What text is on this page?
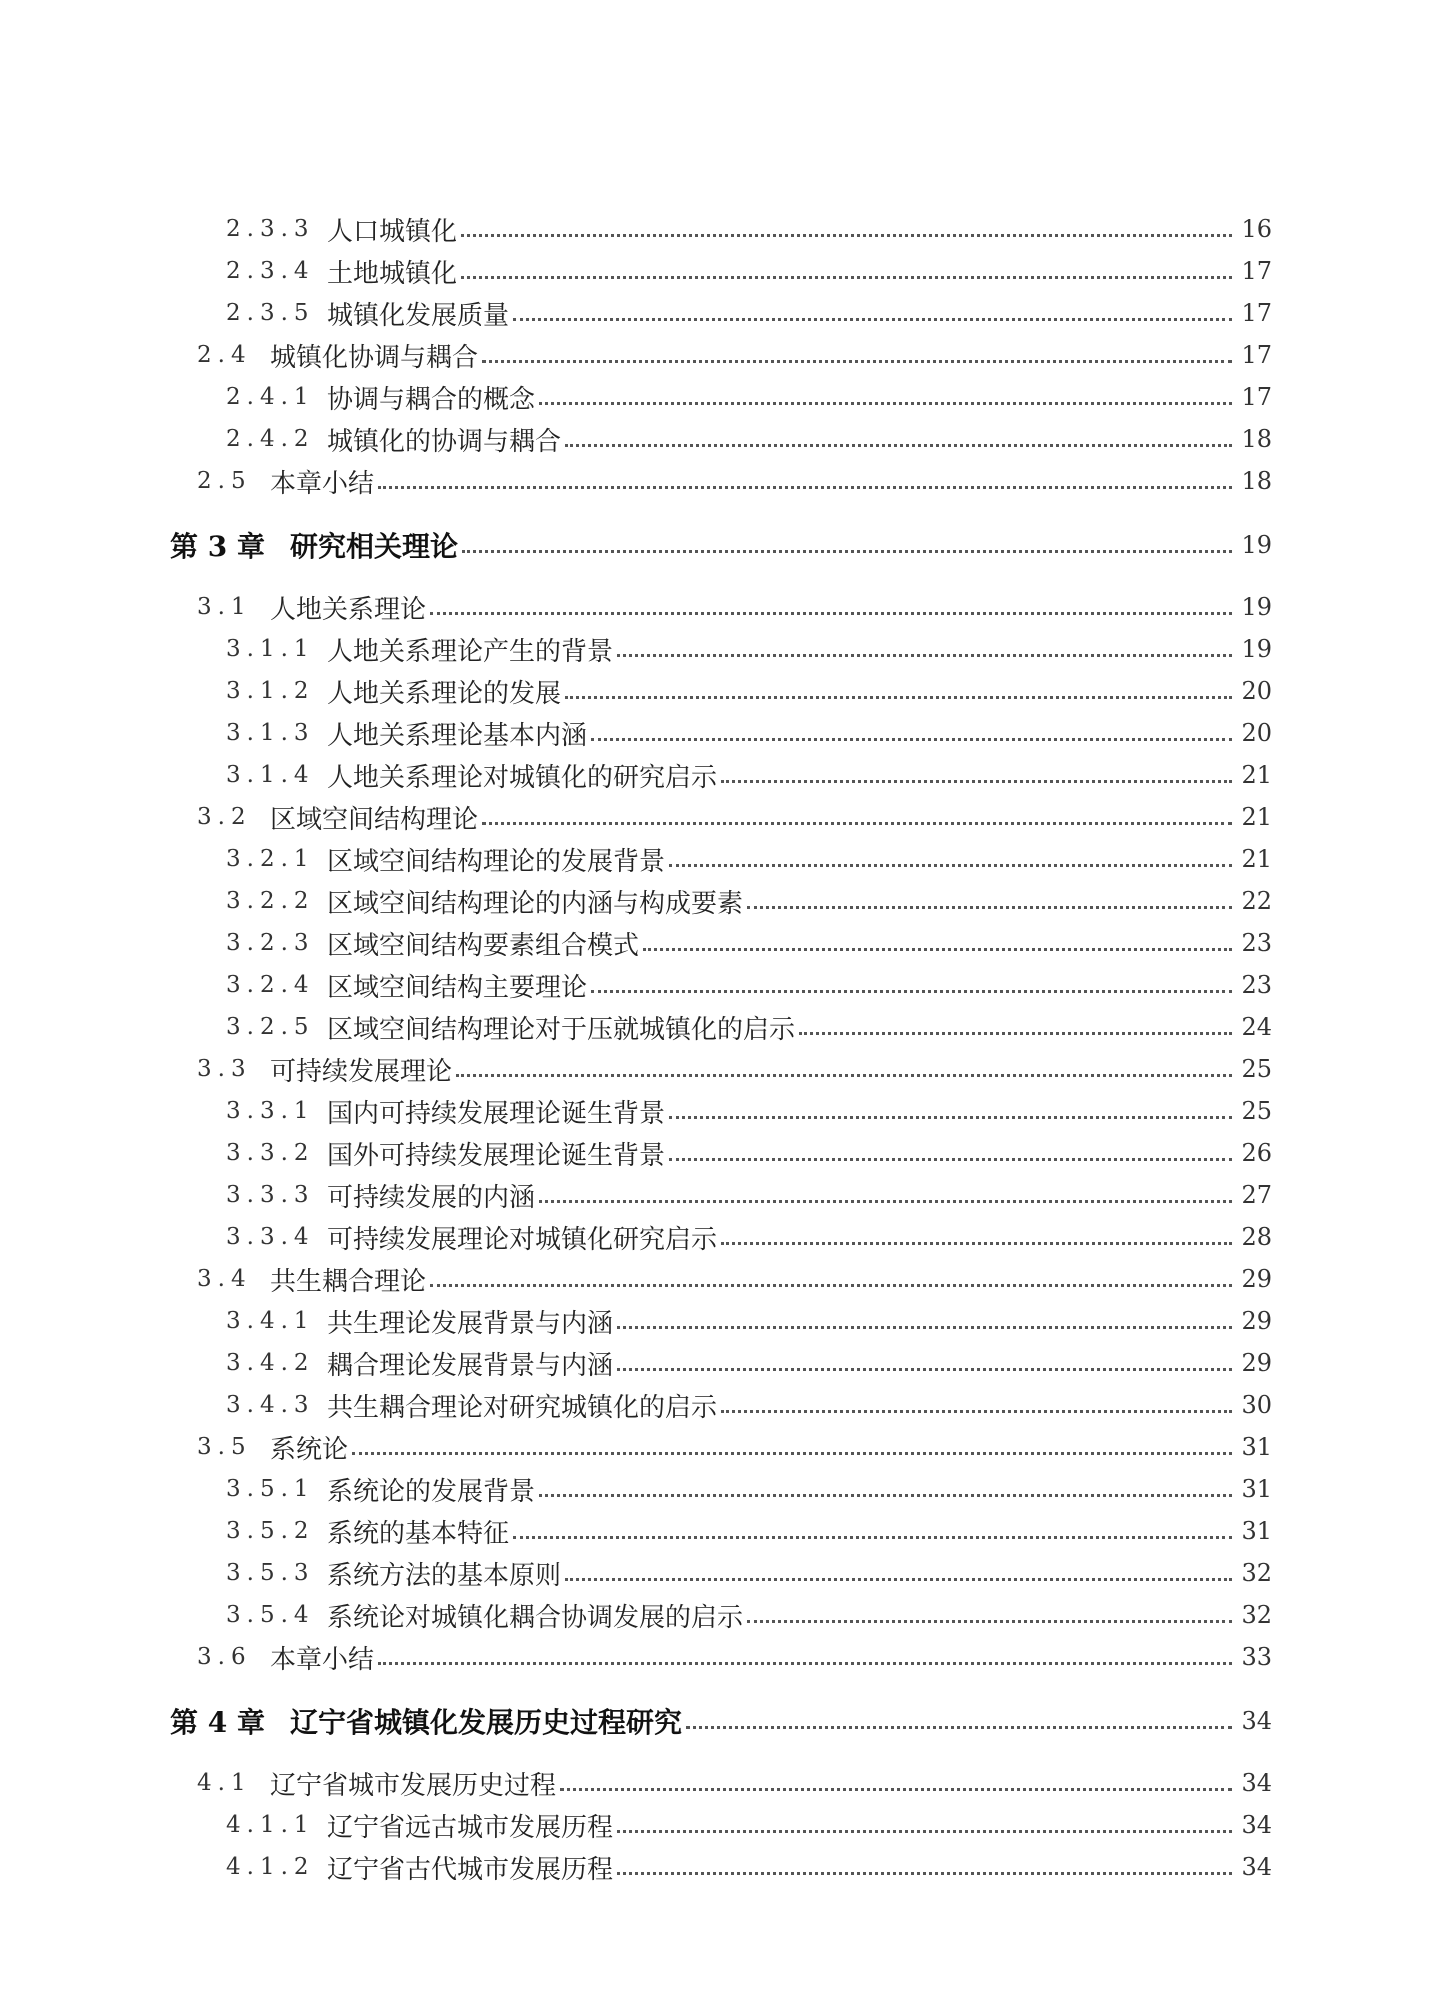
2.3.3 人口城镇化	16
2.3.4 土地城镇化	17
2.3.5 城镇化发展质量	17
2.4 城镇化协调与耦合	17
2.4.1 协调与耦合的概念	17
2.4.2 城镇化的协调与耦合	18
2.5 本章小结	18
第 3 章 研究相关理论	19
3.1 人地关系理论	19
3.1.1 人地关系理论产生的背景	19
3.1.2 人地关系理论的发展	20
3.1.3 人地关系理论基本内涵	20
3.1.4 人地关系理论对城镇化的研究启示	21
3.2 区域空间结构理论	21
3.2.1 区域空间结构理论的发展背景	21
3.2.2 区域空间结构理论的内涵与构成要素	22
3.2.3 区域空间结构要素组合模式	23
3.2.4 区域空间结构主要理论	23
3.2.5 区域空间结构理论对于压就城镇化的启示	24
3.3 可持续发展理论	25
3.3.1 国内可持续发展理论诞生背景	25
3.3.2 国外可持续发展理论诞生背景	26
3.3.3 可持续发展的内涵	27
3.3.4 可持续发展理论对城镇化研究启示	28
3.4 共生耦合理论	29
3.4.1 共生理论发展背景与内涵	29
3.4.2 耦合理论发展背景与内涵	29
3.4.3 共生耦合理论对研究城镇化的启示	30
3.5 系统论	31
3.5.1 系统论的发展背景	31
3.5.2 系统的基本特征	31
3.5.3 系统方法的基本原则	32
3.5.4 系统论对城镇化耦合协调发展的启示	32
3.6 本章小结	33
第 4 章 辽宁省城镇化发展历史过程研究	34
4.1 辽宁省城市发展历史过程	34
4.1.1 辽宁省远古城市发展历程	34
4.1.2 辽宁省古代城市发展历程	34
